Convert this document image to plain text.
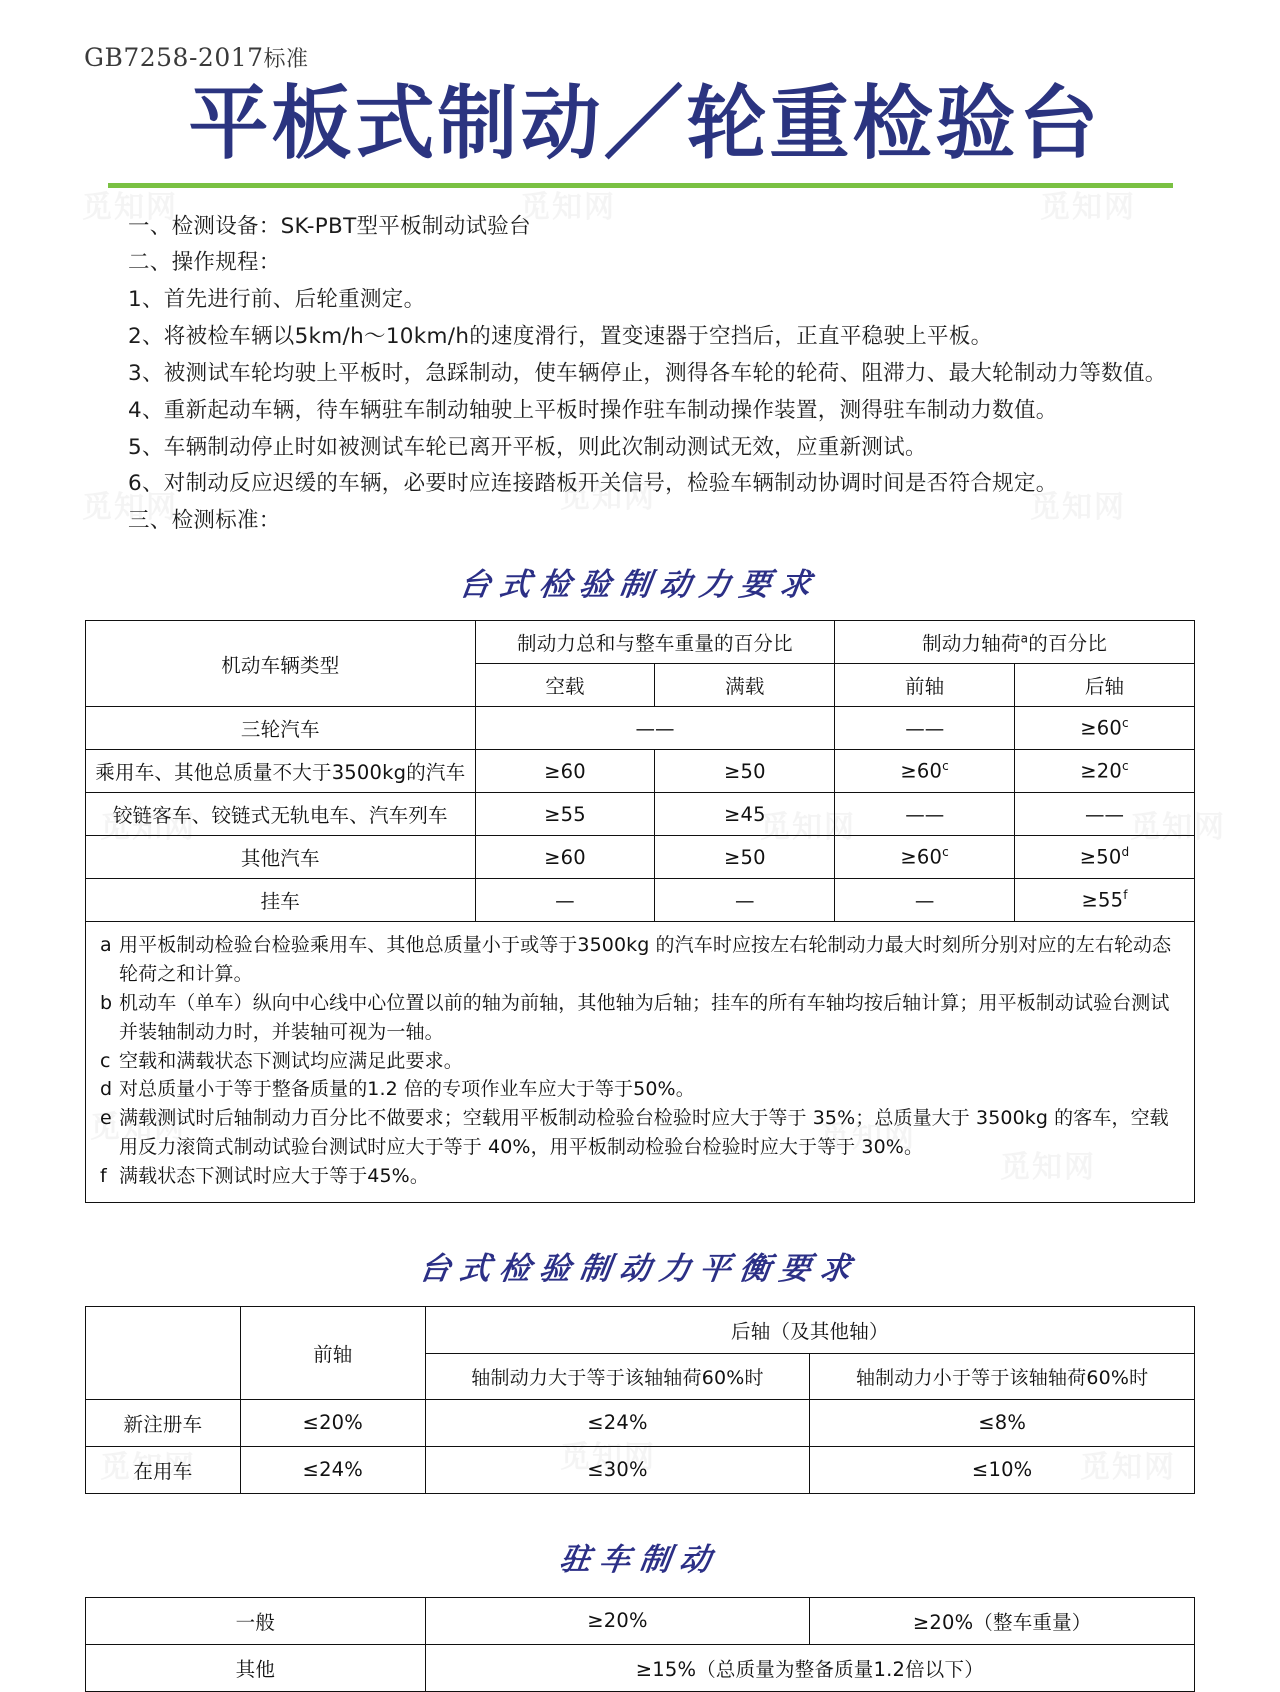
GB7258-2017标准
平板式制动／轮重检验台

一、检测设备：SK-PBT型平板制动试验台

二、操作规程：

1、首先进行前、后轮重测定。

2、将被检车辆以5km/h～10km/h的速度滑行，置变速器于空挡后，正直平稳驶上平板。

3、被测试车轮均驶上平板时，急踩制动，使车辆停止，测得各车轮的轮荷、阻滞力、最大轮制动力等数值。

4、重新起动车辆，待车辆驻车制动轴驶上平板时操作驻车制动操作装置，测得驻车制动力数值。

5、车辆制动停止时如被测试车轮已离开平板，则此次制动测试无效，应重新测试。

6、对制动反应迟缓的车辆，必要时应连接踏板开关信号，检验车辆制动协调时间是否符合规定。

三、检测标准：

台式检验制动力要求
机动车辆类型	制动力总和与整车重量的百分比		制动力轴荷$^a$的百分比	
	空载	满载	前轴	后轴
三轮汽车	——		——	$\ge 60^c$
乘用车、其他总质量不大于3500kg的汽车	≥60	≥50	$\ge 60^c$	$\ge 20^c$
铰链客车、铰链式无轨电车、汽车列车	≥55	≥45	——	——
其他汽车	≥60	≥50	$\ge 60^c$	$\ge 50^d$
挂车	—	—	—	$\ge 55^f$

a 用平板制动检验台检验乘用车、其他总质量小于或等于3500kg 的汽车时应按左右轮制动力最大时刻所分别对应的左右轮动态轮荷之和计算。
b 机动车（单车）纵向中心线中心位置以前的轴为前轴，其他轴为后轴；挂车的所有车轴均按后轴计算；用平板制动试验台测试并装轴制动力时，并装轴可视为一轴。
c 空载和满载状态下测试均应满足此要求。
d 对总质量小于等于整备质量的1.2 倍的专项作业车应大于等于50%。
e 满载测试时后轴制动力百分比不做要求；空载用平板制动检验台检验时应大于等于 35%；总质量大于 3500kg 的客车，空载用反力滚筒式制动试验台测试时应大于等于 40%，用平板制动检验台检验时应大于等于 30%。
f 满载状态下测试时应大于等于45%。
台式检验制动力平衡要求
	前轴	后轴（及其他轴）	
		轴制动力大于等于该轴轴荷60%时	轴制动力小于等于该轴轴荷60%时
新注册车	≤20%	≤24%	≤8%
在用车	≤24%	≤30%	≤10%
驻车制动
一般	≥20%	≥20%（整车重量）
其他	≥15%（总质量为整备质量1.2倍以下）	
